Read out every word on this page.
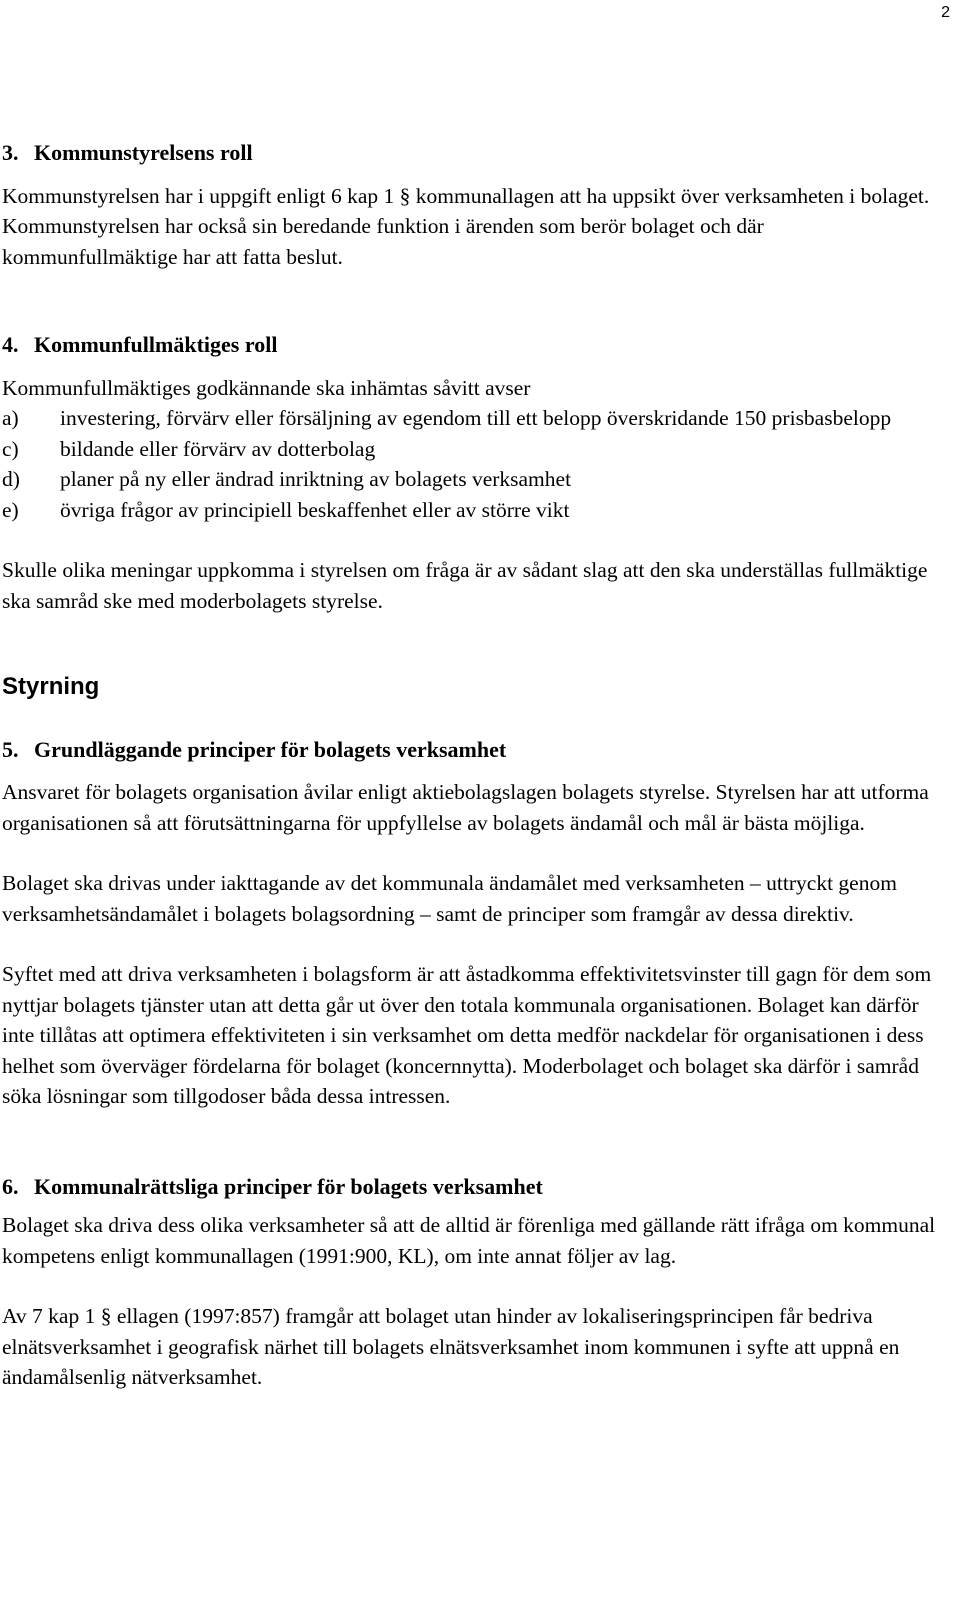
2
3. Kommunstyrelsens roll

Kommunstyrelsen har i uppgift enligt 6 kap 1 § kommunallagen att ha uppsikt över verksamheten i bolaget. Kommunstyrelsen har också sin beredande funktion i ärenden som berör bolaget och där kommunfullmäktige har att fatta beslut.

4. Kommunfullmäktiges roll

Kommunfullmäktiges godkännande ska inhämtas såvitt avser

a) investering, förvärv eller försäljning av egendom till ett belopp överskridande 150 prisbasbelopp
c) bildande eller förvärv av dotterbolag
d) planer på ny eller ändrad inriktning av bolagets verksamhet
e) övriga frågor av principiell beskaffenhet eller av större vikt

Skulle olika meningar uppkomma i styrelsen om fråga är av sådant slag att den ska underställas fullmäktige ska samråd ske med moderbolagets styrelse.

Styrning
5. Grundläggande principer för bolagets verksamhet

Ansvaret för bolagets organisation åvilar enligt aktiebolagslagen bolagets styrelse. Styrelsen har att utforma organisationen så att förutsättningarna för uppfyllelse av bolagets ändamål och mål är bästa möjliga.

Bolaget ska drivas under iakttagande av det kommunala ändamålet med verksamheten – uttryckt genom verksamhetsändamålet i bolagets bolagsordning – samt de principer som framgår av dessa direktiv.

Syftet med att driva verksamheten i bolagsform är att åstadkomma effektivitetsvinster till gagn för dem som nyttjar bolagets tjänster utan att detta går ut över den totala kommunala organisationen. Bolaget kan därför inte tillåtas att optimera effektiviteten i sin verksamhet om detta medför nackdelar för organisationen i dess helhet som överväger fördelarna för bolaget (koncernnytta). Moderbolaget och bolaget ska därför i samråd söka lösningar som tillgodoser båda dessa intressen.

6. Kommunalrättsliga principer för bolagets verksamhet

Bolaget ska driva dess olika verksamheter så att de alltid är förenliga med gällande rätt ifråga om kommunal kompetens enligt kommunallagen (1991:900, KL), om inte annat följer av lag.

Av 7 kap 1 § ellagen (1997:857) framgår att bolaget utan hinder av lokaliseringsprincipen får bedriva elnätsverksamhet i geografisk närhet till bolagets elnätsverksamhet inom kommunen i syfte att uppnå en ändamålsenlig nätverksamhet.
